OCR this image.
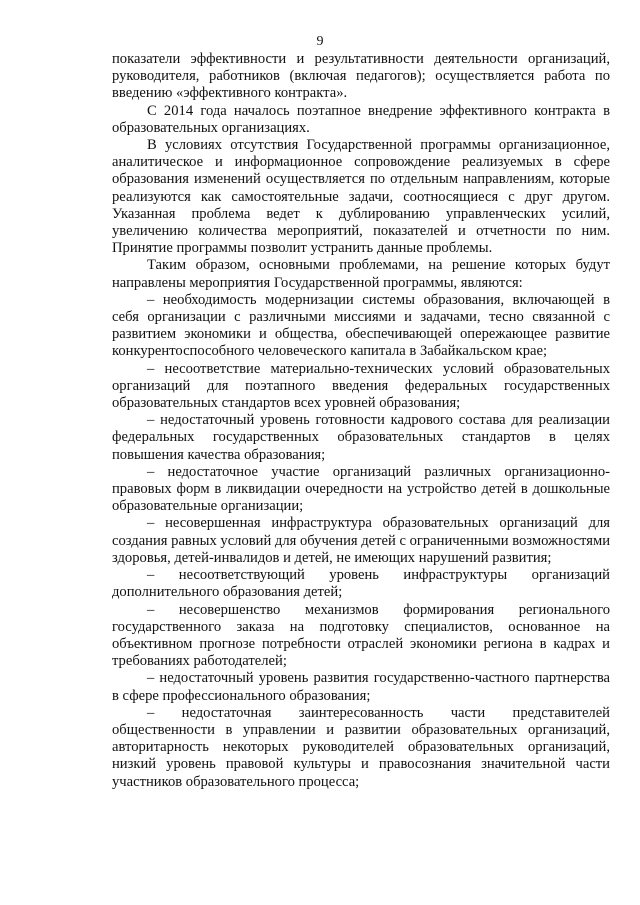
9

показатели эффективности и результативности деятельности организаций, руководителя, работников (включая педагогов); осуществляется работа по введению «эффективного контракта».

С 2014 года началось поэтапное внедрение эффективного контракта в образовательных организациях.

В условиях отсутствия Государственной программы организационное, аналитическое и информационное сопровождение реализуемых в сфере образования изменений осуществляется по отдельным направлениям, которые реализуются как самостоятельные задачи, соотносящиеся с друг другом. Указанная проблема ведет к дублированию управленческих усилий, увеличению количества мероприятий, показателей и отчетности по ним. Принятие программы позволит устранить данные проблемы.

Таким образом, основными проблемами, на решение которых будут направлены мероприятия Государственной программы, являются:

– необходимость модернизации системы образования, включающей в себя организации с различными миссиями и задачами, тесно связанной с развитием экономики и общества, обеспечивающей опережающее развитие конкурентоспособного человеческого капитала в Забайкальском крае;

– несоответствие материально-технических условий образовательных организаций для поэтапного введения федеральных государственных образовательных стандартов всех уровней образования;

– недостаточный уровень готовности кадрового состава для реализации федеральных государственных образовательных стандартов в целях повышения качества образования;

– недостаточное участие организаций различных организационно-правовых форм в ликвидации очередности на устройство детей в дошкольные образовательные организации;

– несовершенная инфраструктура образовательных организаций для создания равных условий для обучения детей с ограниченными возможностями здоровья, детей-инвалидов и детей, не имеющих нарушений развития;

– несоответствующий уровень инфраструктуры организаций дополнительного образования детей;

– несовершенство механизмов формирования регионального государственного заказа на подготовку специалистов, основанное на объективном прогнозе потребности отраслей экономики региона в кадрах и требованиях работодателей;

– недостаточный уровень развития государственно-частного партнерства в сфере профессионального образования;

– недостаточная заинтересованность части представителей общественности в управлении и развитии образовательных организаций, авторитарность некоторых руководителей образовательных организаций, низкий уровень правовой культуры и правосознания значительной части участников образовательного процесса;
